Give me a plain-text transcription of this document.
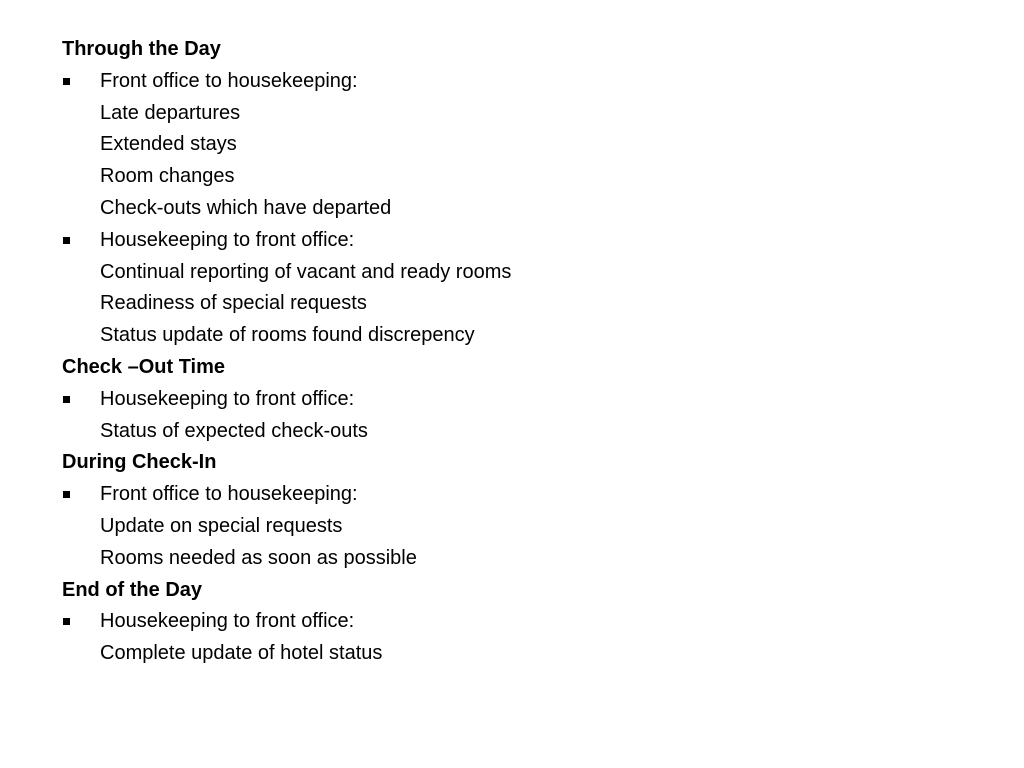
Through the Day
Front office to housekeeping:
Late departures
Extended stays
Room changes
Check-outs which have departed
Housekeeping to front office:
Continual reporting of vacant and ready rooms
Readiness of special requests
Status update of rooms found discrepency
Check –Out Time
Housekeeping to front office:
Status of expected check-outs
During Check-In
Front office to housekeeping:
Update on special requests
Rooms needed as soon as possible
End of the Day
Housekeeping to front office:
Complete update of hotel status
